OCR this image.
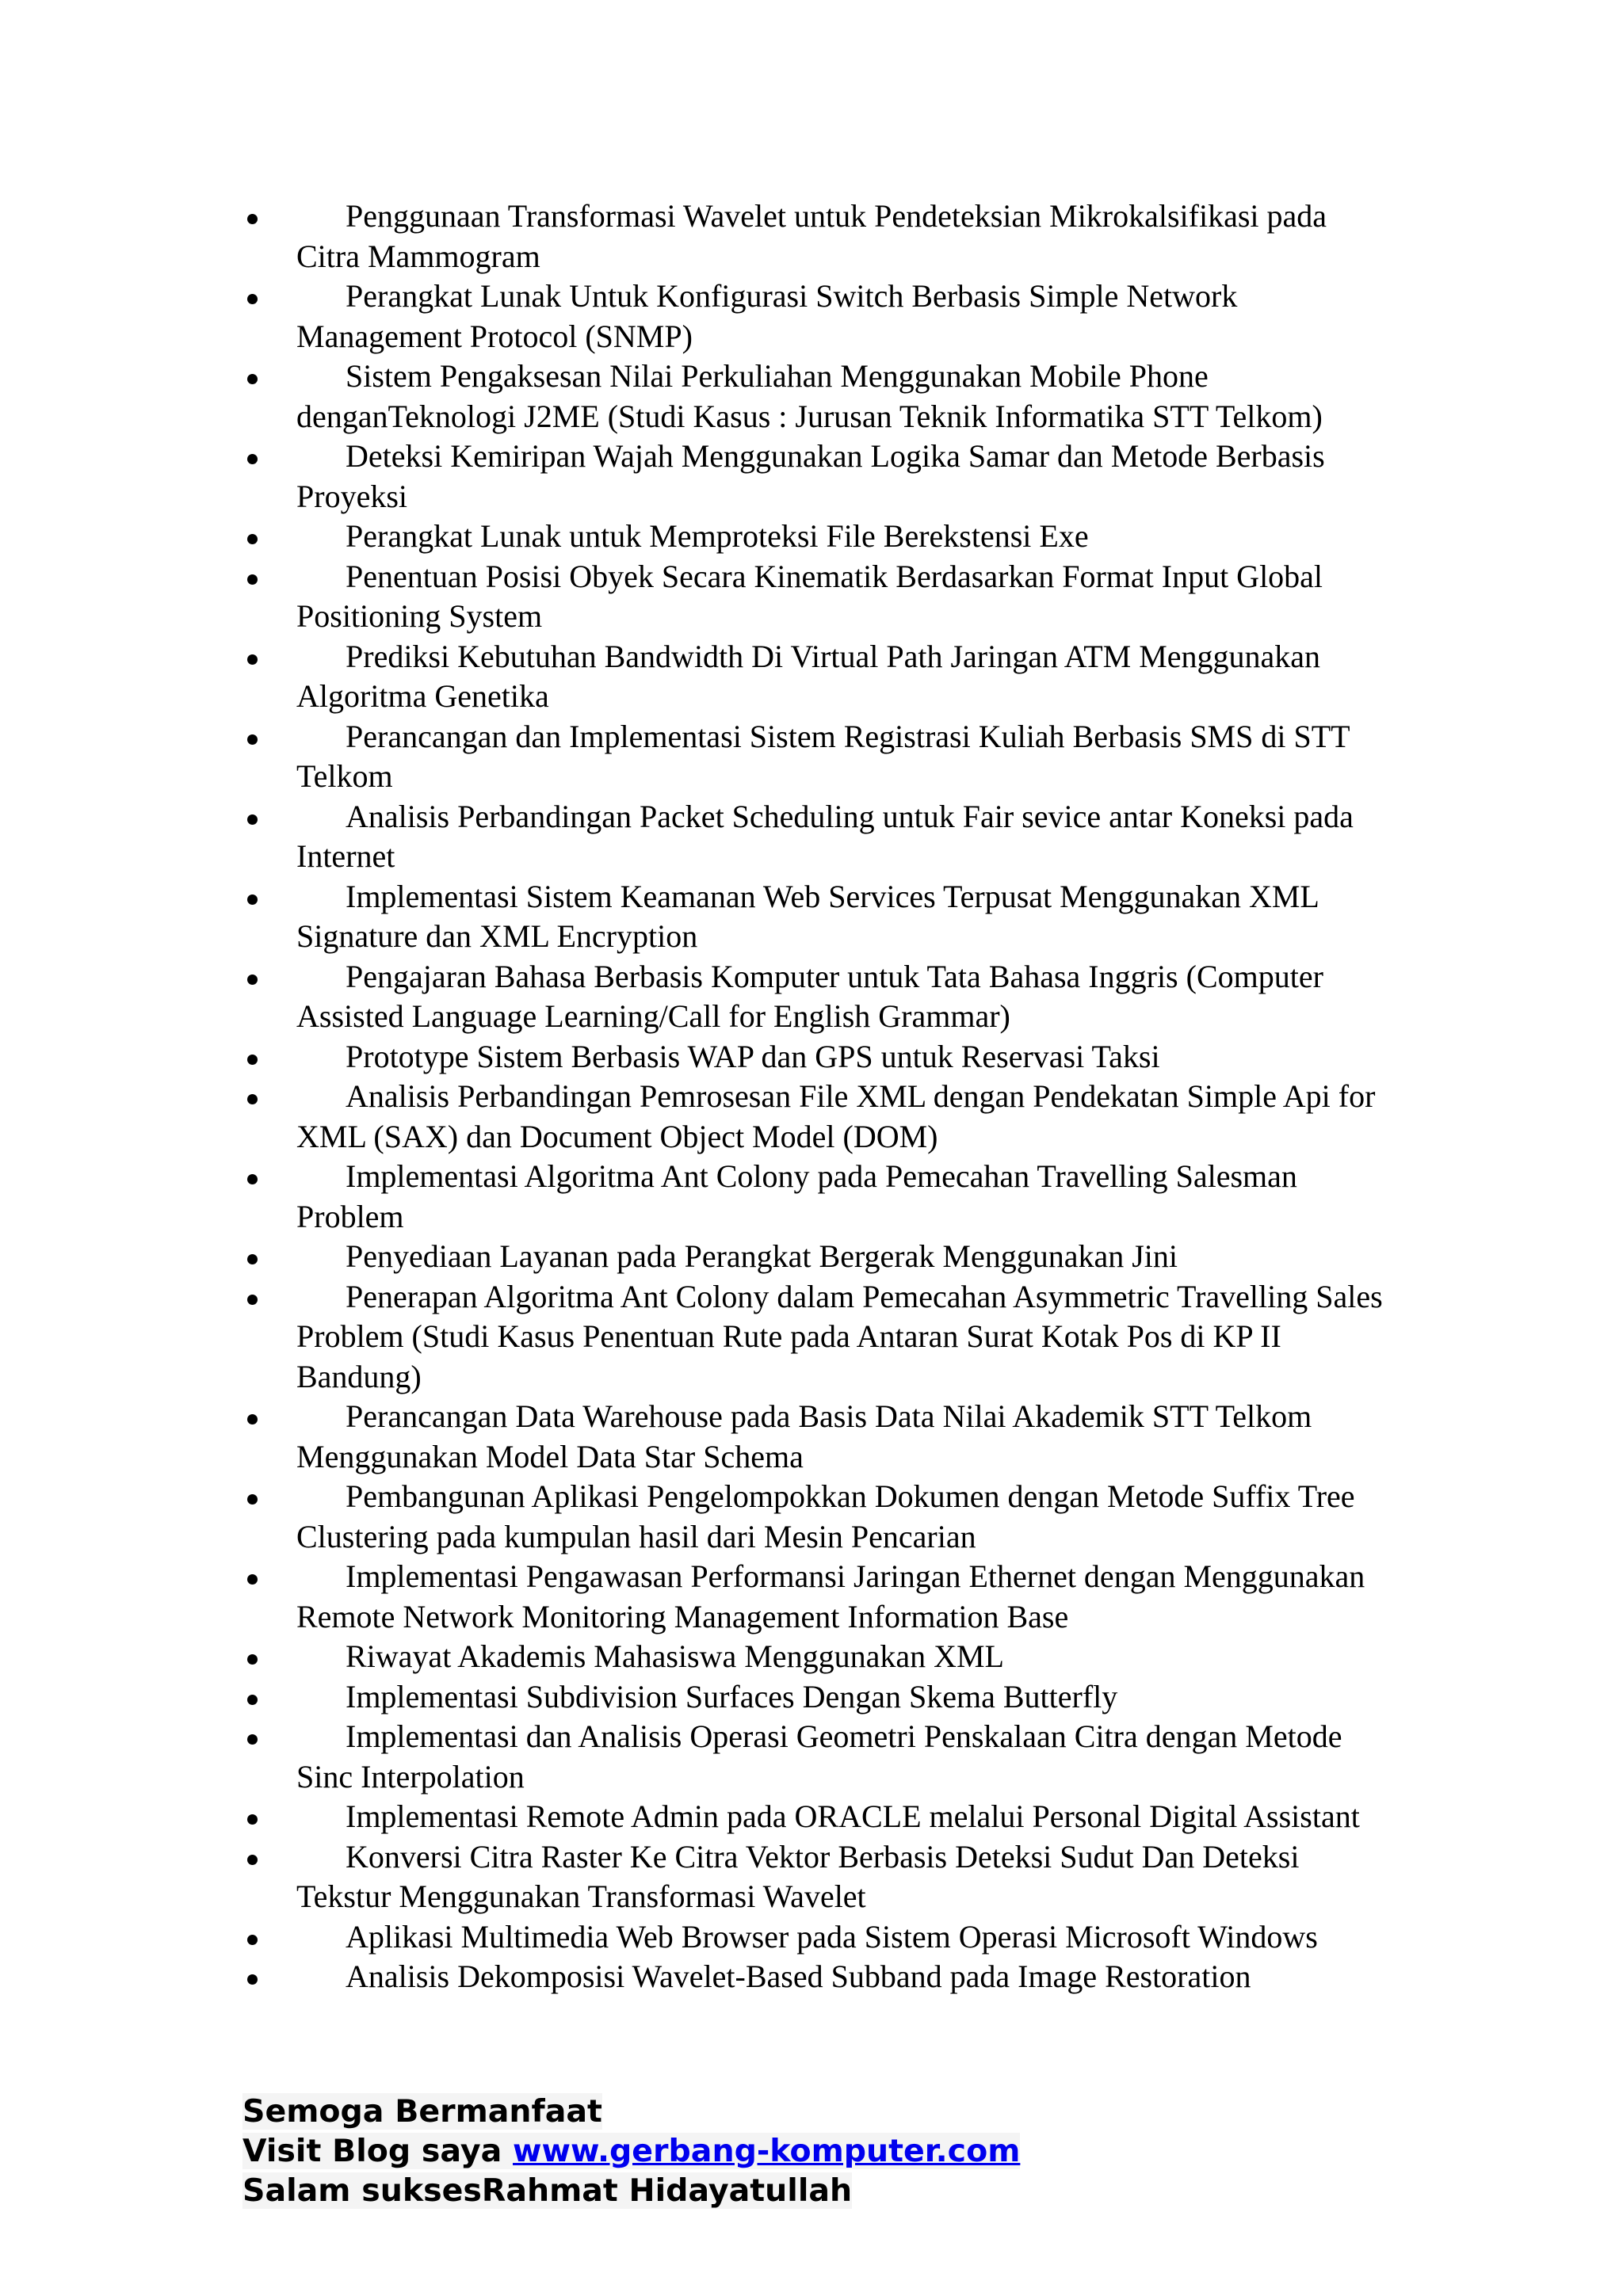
Penggunaan Transformasi Wavelet untuk Pendeteksian Mikrokalsifikasi pada Citra Mammogram
Perangkat Lunak Untuk Konfigurasi Switch Berbasis Simple Network Management Protocol (SNMP)
Sistem Pengaksesan Nilai Perkuliahan Menggunakan Mobile Phone denganTeknologi J2ME (Studi Kasus : Jurusan Teknik Informatika STT Telkom)
Deteksi Kemiripan Wajah Menggunakan Logika Samar dan Metode Berbasis Proyeksi
Perangkat Lunak untuk Memproteksi File Berekstensi Exe
Penentuan Posisi Obyek Secara Kinematik Berdasarkan Format Input Global Positioning System
Prediksi Kebutuhan Bandwidth Di Virtual Path Jaringan ATM Menggunakan Algoritma Genetika
Perancangan dan Implementasi Sistem Registrasi Kuliah Berbasis SMS di STT Telkom
Analisis Perbandingan Packet Scheduling untuk Fair sevice antar Koneksi pada Internet
Implementasi Sistem Keamanan Web Services Terpusat Menggunakan XML Signature dan XML Encryption
Pengajaran Bahasa Berbasis Komputer untuk Tata Bahasa Inggris (Computer Assisted Language Learning/Call for English Grammar)
Prototype Sistem Berbasis WAP dan GPS untuk Reservasi Taksi
Analisis Perbandingan Pemrosesan File XML dengan Pendekatan Simple Api for XML (SAX) dan Document Object Model (DOM)
Implementasi Algoritma Ant Colony pada Pemecahan Travelling Salesman Problem
Penyediaan Layanan pada Perangkat Bergerak Menggunakan Jini
Penerapan Algoritma Ant Colony dalam Pemecahan Asymmetric Travelling Sales Problem (Studi Kasus Penentuan Rute pada Antaran Surat Kotak Pos di KP II Bandung)
Perancangan Data Warehouse pada Basis Data Nilai Akademik STT Telkom Menggunakan Model Data Star Schema
Pembangunan Aplikasi Pengelompokkan Dokumen dengan Metode Suffix Tree Clustering pada kumpulan hasil dari Mesin Pencarian
Implementasi Pengawasan Performansi Jaringan Ethernet dengan Menggunakan Remote Network Monitoring Management Information Base
Riwayat Akademis Mahasiswa Menggunakan XML
Implementasi Subdivision Surfaces Dengan Skema Butterfly
Implementasi dan Analisis Operasi Geometri Penskalaan Citra dengan Metode Sinc Interpolation
Implementasi Remote Admin pada ORACLE melalui Personal Digital Assistant
Konversi Citra Raster Ke Citra Vektor Berbasis Deteksi Sudut Dan Deteksi Tekstur Menggunakan Transformasi Wavelet
Aplikasi Multimedia Web Browser pada Sistem Operasi Microsoft Windows
Analisis Dekomposisi Wavelet-Based Subband pada Image Restoration
Semoga Bermanfaat
Visit Blog saya www.gerbang-komputer.com
Salam suksesRahmat Hidayatullah
